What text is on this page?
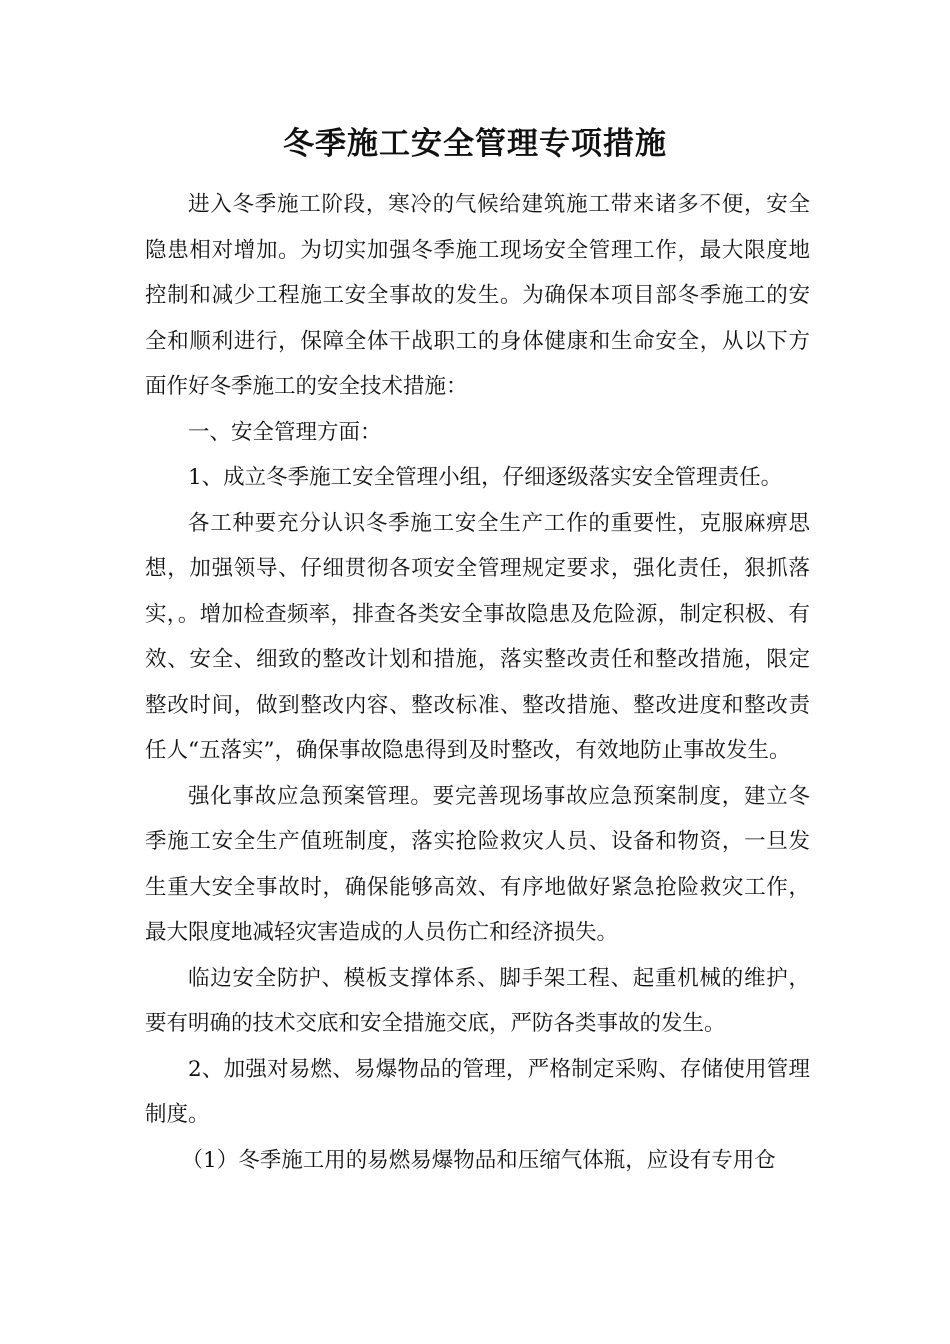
冬季施工安全管理专项措施

进入冬季施工阶段，寒冷的气候给建筑施工带来诸多不便，安全隐患相对增加。为切实加强冬季施工现场安全管理工作，最大限度地控制和减少工程施工安全事故的发生。为确保本项目部冬季施工的安全和顺利进行，保障全体干战职工的身体健康和生命安全，从以下方面作好冬季施工的安全技术措施：

一、安全管理方面：

1、成立冬季施工安全管理小组，仔细逐级落实安全管理责任。

各工种要充分认识冬季施工安全生产工作的重要性，克服麻痹思想，加强领导、仔细贯彻各项安全管理规定要求，强化责任，狠抓落实，。增加检查频率，排查各类安全事故隐患及危险源，制定积极、有效、安全、细致的整改计划和措施，落实整改责任和整改措施，限定整改时间，做到整改内容、整改标准、整改措施、整改进度和整改责任人“五落实”，确保事故隐患得到及时整改，有效地防止事故发生。

强化事故应急预案管理。要完善现场事故应急预案制度，建立冬季施工安全生产值班制度，落实抢险救灾人员、设备和物资，一旦发生重大安全事故时，确保能够高效、有序地做好紧急抢险救灾工作，最大限度地减轻灾害造成的人员伤亡和经济损失。

临边安全防护、模板支撑体系、脚手架工程、起重机械的维护，要有明确的技术交底和安全措施交底，严防各类事故的发生。

2、加强对易燃、易爆物品的管理，严格制定采购、存储使用管理制度。

（1）冬季施工用的易燃易爆物品和压缩气体瓶，应设有专用仓
